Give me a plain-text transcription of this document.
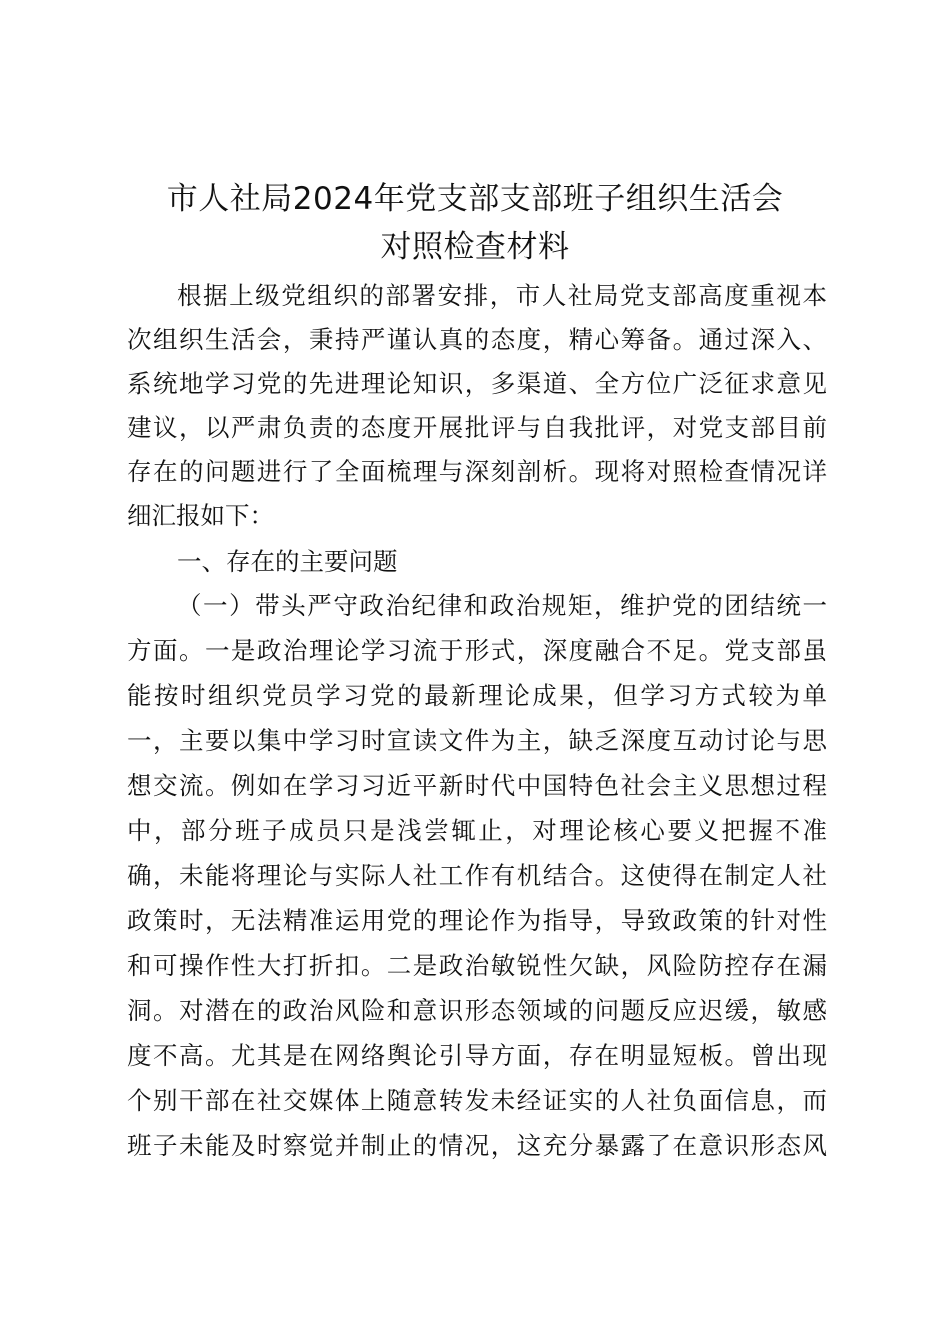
市人社局2024年党支部支部班子组织生活会
对照检查材料

根据上级党组织的部署安排，市人社局党支部高度重视本

次组织生活会，秉持严谨认真的态度，精心筹备。通过深入、

系统地学习党的先进理论知识，多渠道、全方位广泛征求意见

建议，以严肃负责的态度开展批评与自我批评，对党支部目前

存在的问题进行了全面梳理与深刻剖析。现将对照检查情况详

细汇报如下：

一、存在的主要问题

（一）带头严守政治纪律和政治规矩，维护党的团结统一

方面。一是政治理论学习流于形式，深度融合不足。党支部虽

能按时组织党员学习党的最新理论成果，但学习方式较为单

一，主要以集中学习时宣读文件为主，缺乏深度互动讨论与思

想交流。例如在学习习近平新时代中国特色社会主义思想过程

中，部分班子成员只是浅尝辄止，对理论核心要义把握不准

确，未能将理论与实际人社工作有机结合。这使得在制定人社

政策时，无法精准运用党的理论作为指导，导致政策的针对性

和可操作性大打折扣。二是政治敏锐性欠缺，风险防控存在漏

洞。对潜在的政治风险和意识形态领域的问题反应迟缓，敏感

度不高。尤其是在网络舆论引导方面，存在明显短板。曾出现

个别干部在社交媒体上随意转发未经证实的人社负面信息，而

班子未能及时察觉并制止的情况，这充分暴露了在意识形态风
